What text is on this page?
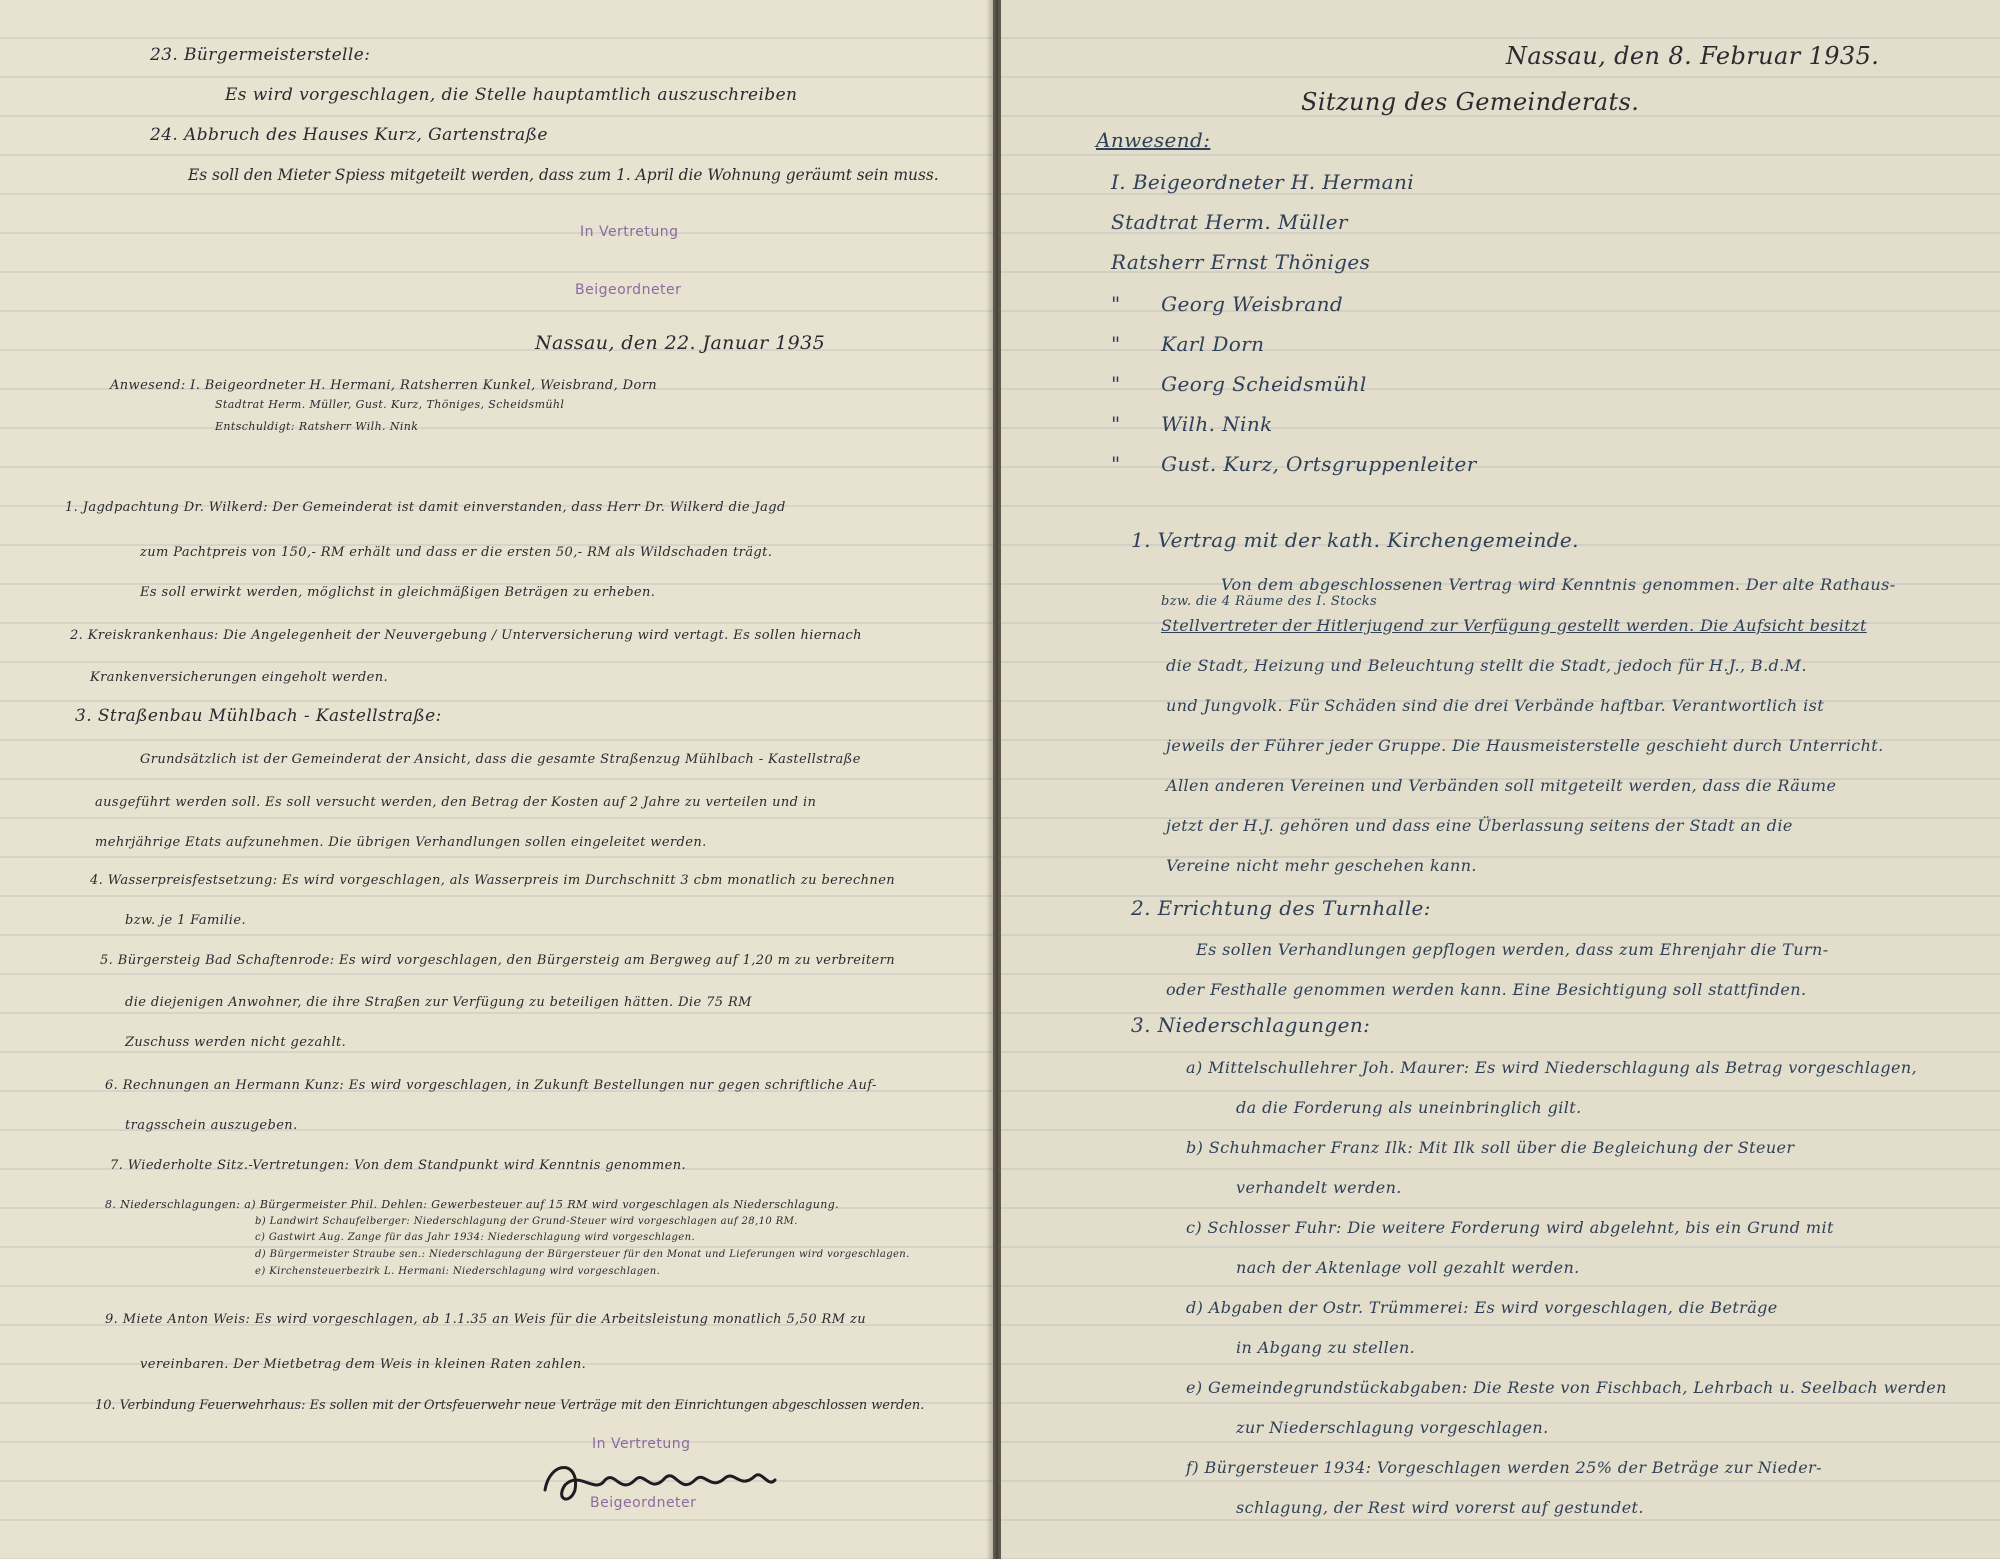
23. Bürgermeisterstelle:
Es wird vorgeschlagen, die Stelle hauptamtlich auszuschreiben
24. Abbruch des Hauses Kurz, Gartenstraße
Es soll den Mieter Spiess mitgeteilt werden, dass zum 1. April die Wohnung geräumt sein muss.
In Vertretung
Beigeordneter
Nassau, den 22. Januar 1935
Anwesend: I. Beigeordneter H. Hermani, Ratsherren Kunkel, Weisbrand, Dorn
Stadtrat Herm. Müller, Gust. Kurz, Thöniges, Scheidsmühl
Entschuldigt: Ratsherr Wilh. Nink
1. Jagdpachtung Dr. Wilkerd: Der Gemeinderat ist damit einverstanden, dass Herr Dr. Wilkerd die Jagd
zum Pachtpreis von 150,- RM erhält und dass er die ersten 50,- RM als Wildschaden trägt.
Es soll erwirkt werden, möglichst in gleichmäßigen Beträgen zu erheben.
2. Kreiskrankenhaus: Die Angelegenheit der Neuvergebung / Unterversicherung wird vertagt. Es sollen hiernach
Krankenversicherungen eingeholt werden.
3. Straßenbau Mühlbach - Kastellstraße:
Grundsätzlich ist der Gemeinderat der Ansicht, dass die gesamte Straßenzug Mühlbach - Kastellstraße
ausgeführt werden soll. Es soll versucht werden, den Betrag der Kosten auf 2 Jahre zu verteilen und in
mehrjährige Etats aufzunehmen. Die übrigen Verhandlungen sollen eingeleitet werden.
4. Wasserpreisfestsetzung: Es wird vorgeschlagen, als Wasserpreis im Durchschnitt 3 cbm monatlich zu berechnen
bzw. je 1 Familie.
5. Bürgersteig Bad Schaftenrode: Es wird vorgeschlagen, den Bürgersteig am Bergweg auf 1,20 m zu verbreitern
die diejenigen Anwohner, die ihre Straßen zur Verfügung zu beteiligen hätten. Die 75 RM
Zuschuss werden nicht gezahlt.
6. Rechnungen an Hermann Kunz: Es wird vorgeschlagen, in Zukunft Bestellungen nur gegen schriftliche Auf-
tragsschein auszugeben.
7. Wiederholte Sitz.-Vertretungen: Von dem Standpunkt wird Kenntnis genommen.
8. Niederschlagungen: a) Bürgermeister Phil. Dehlen: Gewerbesteuer auf 15 RM wird vorgeschlagen als Niederschlagung.
b) Landwirt Schaufelberger: Niederschlagung der Grund-Steuer wird vorgeschlagen auf 28,10 RM.
c) Gastwirt Aug. Zange für das Jahr 1934: Niederschlagung wird vorgeschlagen.
d) Bürgermeister Straube sen.: Niederschlagung der Bürgersteuer für den Monat und Lieferungen wird vorgeschlagen.
e) Kirchensteuerbezirk L. Hermani: Niederschlagung wird vorgeschlagen.
9. Miete Anton Weis: Es wird vorgeschlagen, ab 1.1.35 an Weis für die Arbeitsleistung monatlich 5,50 RM zu
vereinbaren. Der Mietbetrag dem Weis in kleinen Raten zahlen.
10. Verbindung Feuerwehrhaus: Es sollen mit der Ortsfeuerwehr neue Verträge mit den Einrichtungen abgeschlossen werden.
In Vertretung
Beigeordneter
Nassau, den 8. Februar 1935.
Sitzung des Gemeinderats.
Anwesend:
I. Beigeordneter H. Hermani
Stadtrat Herm. Müller
Ratsherr Ernst Thöniges
"      Georg Weisbrand
"      Karl Dorn
"      Georg Scheidsmühl
"      Wilh. Nink
"      Gust. Kurz, Ortsgruppenleiter
1. Vertrag mit der kath. Kirchengemeinde.
Von dem abgeschlossenen Vertrag wird Kenntnis genommen. Der alte Rathaus-
bzw. die 4 Räume des I. Stocks
Stellvertreter der Hitlerjugend zur Verfügung gestellt werden. Die Aufsicht besitzt
die Stadt, Heizung und Beleuchtung stellt die Stadt, jedoch für H.J., B.d.M.
und Jungvolk. Für Schäden sind die drei Verbände haftbar. Verantwortlich ist
jeweils der Führer jeder Gruppe. Die Hausmeisterstelle geschieht durch Unterricht.
Allen anderen Vereinen und Verbänden soll mitgeteilt werden, dass die Räume
jetzt der H.J. gehören und dass eine Überlassung seitens der Stadt an die
Vereine nicht mehr geschehen kann.
2. Errichtung des Turnhalle:
Es sollen Verhandlungen gepflogen werden, dass zum Ehrenjahr die Turn-
oder Festhalle genommen werden kann. Eine Besichtigung soll stattfinden.
3. Niederschlagungen:
a) Mittelschullehrer Joh. Maurer: Es wird Niederschlagung als Betrag vorgeschlagen,
da die Forderung als uneinbringlich gilt.
b) Schuhmacher Franz Ilk: Mit Ilk soll über die Begleichung der Steuer
verhandelt werden.
c) Schlosser Fuhr: Die weitere Forderung wird abgelehnt, bis ein Grund mit
nach der Aktenlage voll gezahlt werden.
d) Abgaben der Ostr. Trümmerei: Es wird vorgeschlagen, die Beträge
in Abgang zu stellen.
e) Gemeindegrundstückabgaben: Die Reste von Fischbach, Lehrbach u. Seelbach werden
zur Niederschlagung vorgeschlagen.
f) Bürgersteuer 1934: Vorgeschlagen werden 25% der Beträge zur Nieder-
schlagung, der Rest wird vorerst auf gestundet.
